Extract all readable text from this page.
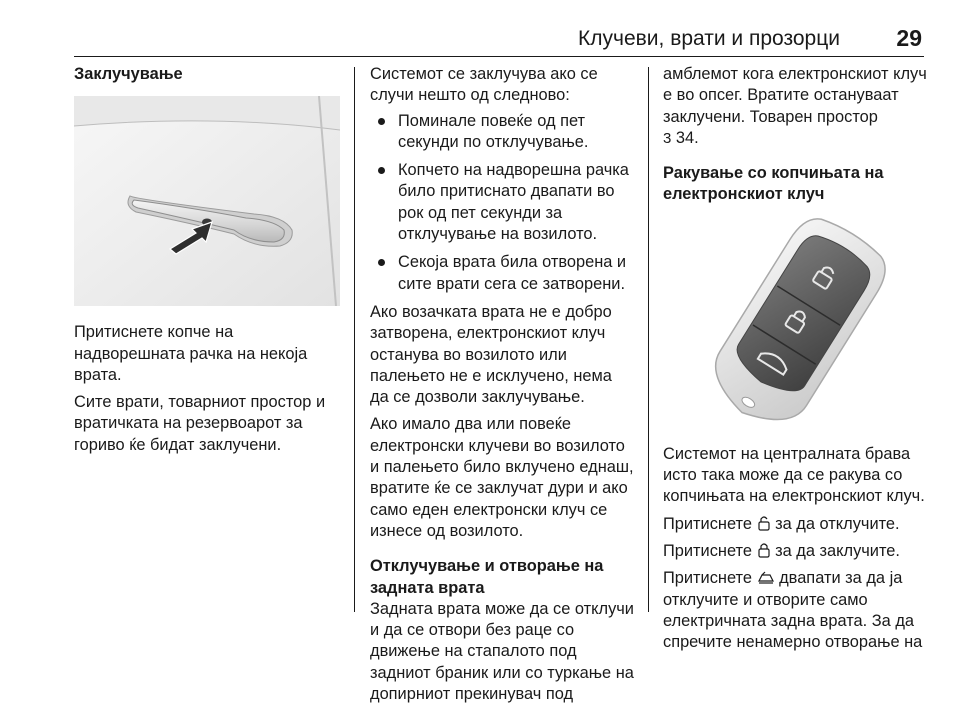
Клучеви, врати и прозорци 29
Заклучување

Притиснете копче на надворешната рачка на некоја врата.

Сите врати, товарниот простор и вратичката на резервоарот за гориво ќе бидат заклучени.

Системот се заклучува ако се случи нешто од следново:

Поминале повеќе од пет секунди по отклучување.
Копчето на надворешна рачка било притиснато двапати во рок од пет секунди за отклучување на возилото.
Секоја врата била отворена и сите врати сега се затворени.

Ако возачката врата не е добро затворена, електронскиот клуч останува во возилото или палењето не е исклучено, нема да се дозволи заклучување.

Ако имало два или повеќе електронски клучеви во возилото и палењето било вклучено еднаш, вратите ќе се заклучат дури и ако само еден електронски клуч се изнесе од возилото.

Отклучување и отворање на задната врата

Задната врата може да се отклучи и да се отвори без раце со движење на стапалото под задниот браник или со туркање на допирниот прекинувач под

амблемот кога електронскиот клуч е во опсег. Вратите остануваат заклучени. Товарен простор
3 34.

Ракување со копчињата на електронскиот клуч

Системот на централната брава исто така може да се ракува со копчињата на електронскиот клуч.

Притиснете за да отклучите.

Притиснете за да заклучите.

Притиснете двапати за да ја отклучите и отворите само електричната задна врата. За да спречите ненамерно отворање на
